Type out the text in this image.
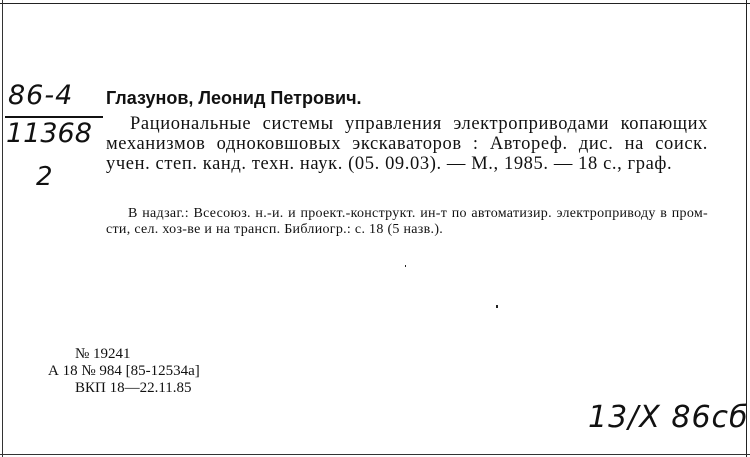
86-4
11368
2
Глазунов, Леонид Петрович.
Рациональные системы управления электроприводами копающих механизмов одноковшовых экскаваторов : Автореф. дис. на соиск. учен. степ. канд. техн. наук. (05. 09.03). — М., 1985. — 18 с., граф.

В надзаг.: Всесоюз. н.-и. и проект.-конструкт. ин-т по автоматизир. электроприводу в пром-сти, сел. хоз-ве и на трансп. Библиогр.: с. 18 (5 назв.).

№ 19241
А 18 № 984 [85-12534а]
ВКП 18—22.11.85
13/X 86сб
